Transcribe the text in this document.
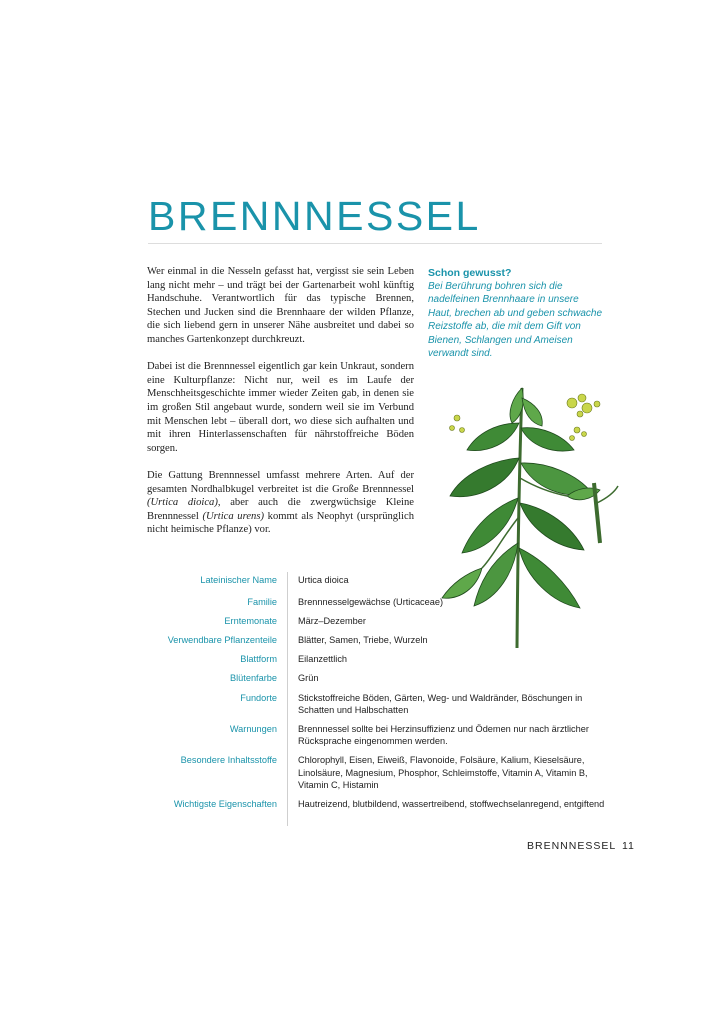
BRENNNESSEL

Wer einmal in die Nesseln gefasst hat, vergisst sie sein Leben lang nicht mehr – und trägt bei der Gartenarbeit wohl künftig Handschuhe. Verantwortlich für das typische Brennen, Stechen und Jucken sind die Brennhaare der wilden Pflanze, die sich liebend gern in unserer Nähe ausbreitet und dabei so manches Gartenkonzept durchkreuzt.

Dabei ist die Brennnessel eigentlich gar kein Unkraut, sondern eine Kulturpflanze: Nicht nur, weil es im Laufe der Menschheitsgeschichte immer wieder Zeiten gab, in denen sie im großen Stil angebaut wurde, sondern weil sie im Verbund mit Menschen lebt – überall dort, wo diese sich aufhalten und mit ihren Hinterlassenschaften für nährstoffreiche Böden sorgen.

Die Gattung Brennnessel umfasst mehrere Arten. Auf der gesamten Nordhalbkugel verbreitet ist die Große Brennnessel (Urtica dioica), aber auch die zwergwüchsige Kleine Brennnessel (Urtica urens) kommt als Neophyt (ursprünglich nicht heimische Pflanze) vor.

Schon gewusst?
Bei Berührung bohren sich die nadelfeinen Brennhaare in unsere Haut, brechen ab und geben schwache Reizstoffe ab, die mit dem Gift von Bienen, Schlangen und Ameisen verwandt sind.
Lateinischer Name	Urtica dioica
Familie	Brennnesselgewächse (Urticaceae)
Erntemonate	März–Dezember
Verwendbare Pflanzenteile	Blätter, Samen, Triebe, Wurzeln
Blattform	Eilanzettlich
Blütenfarbe	Grün
Fundorte	Stickstoffreiche Böden, Gärten, Weg- und Waldränder, Böschungen in Schatten und Halbschatten
Warnungen	Brennnessel sollte bei Herzinsuffizienz und Ödemen nur nach ärztlicher Rücksprache eingenommen werden.
Besondere Inhaltsstoffe	Chlorophyll, Eisen, Eiweiß, Flavonoide, Folsäure, Kalium, Kieselsäure, Linolsäure, Magnesium, Phosphor, Schleimstoffe, Vitamin A, Vitamin B, Vitamin C, Histamin
Wichtigste Eigenschaften	Hautreizend, blutbildend, wassertreibend, stoffwechselanregend, entgiftend
BRENNNESSEL 11
